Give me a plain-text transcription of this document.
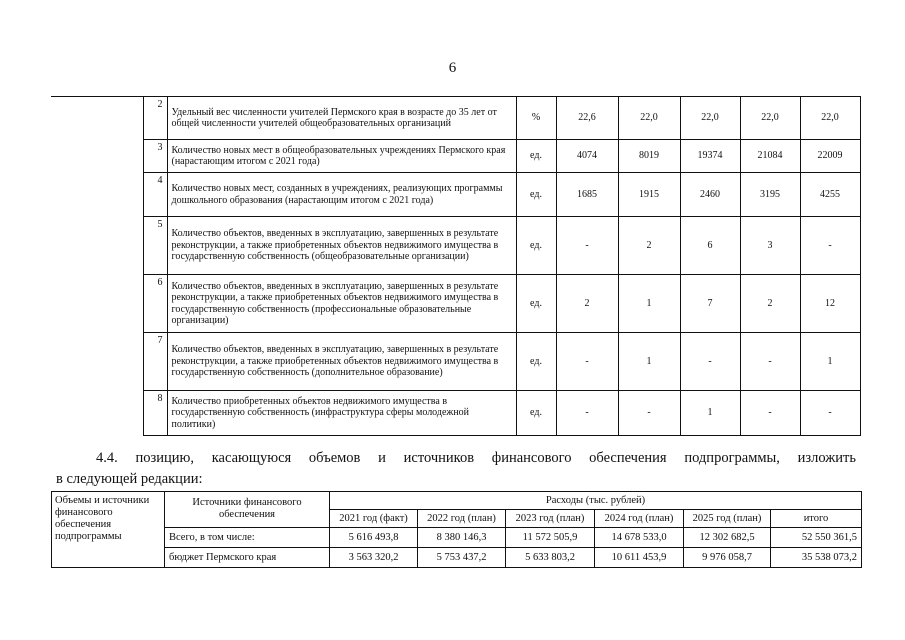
6
	2	Удельный вес численности учителей Пермского края в возрасте до 35 лет от общей численности учителей общеобразовательных организаций	%	22,6	22,0	22,0	22,0	22,0
	3	Количество новых мест в общеобразовательных учреждениях Пермского края (нарастающим итогом с 2021 года)	ед.	4074	8019	19374	21084	22009
	4	Количество новых мест, созданных в учреждениях, реализующих программы дошкольного образования (нарастающим итогом с 2021 года)	ед.	1685	1915	2460	3195	4255
	5	Количество объектов, введенных в эксплуатацию, завершенных в результате реконструкции, а также приобретенных объектов недвижимого имущества в государственную собственность (общеобразовательные организации)	ед.	-	2	6	3	-
	6	Количество объектов, введенных в эксплуатацию, завершенных в результате реконструкции, а также приобретенных объектов недвижимого имущества в государственную собственность (профессиональные образовательные организации)	ед.	2	1	7	2	12
	7	Количество объектов, введенных в эксплуатацию, завершенных в результате реконструкции, а также приобретенных объектов недвижимого имущества в государственную собственность (дополнительное образование)	ед.	-	1	-	-	1
	8	Количество приобретенных объектов недвижимого имущества в государственную собственность (инфраструктура сферы молодежной политики)	ед.	-	-	1	-	-
4.4. позицию, касающуюся объемов и источников финансового обеспечения подпрограммы, изложить
в следующей редакции:
Объемы и источники финансового обеспечения подпрограммы	Источники финансового обеспечения	Расходы (тыс. рублей)					
		2021 год (факт)	2022 год (план)	2023 год (план)	2024 год (план)	2025 год (план)	итого
	Всего, в том числе:	5 616 493,8	8 380 146,3	11 572 505,9	14 678 533,0	12 302 682,5	52 550 361,5
	бюджет Пермского края	3 563 320,2	5 753 437,2	5 633 803,2	10 611 453,9	9 976 058,7	35 538 073,2
